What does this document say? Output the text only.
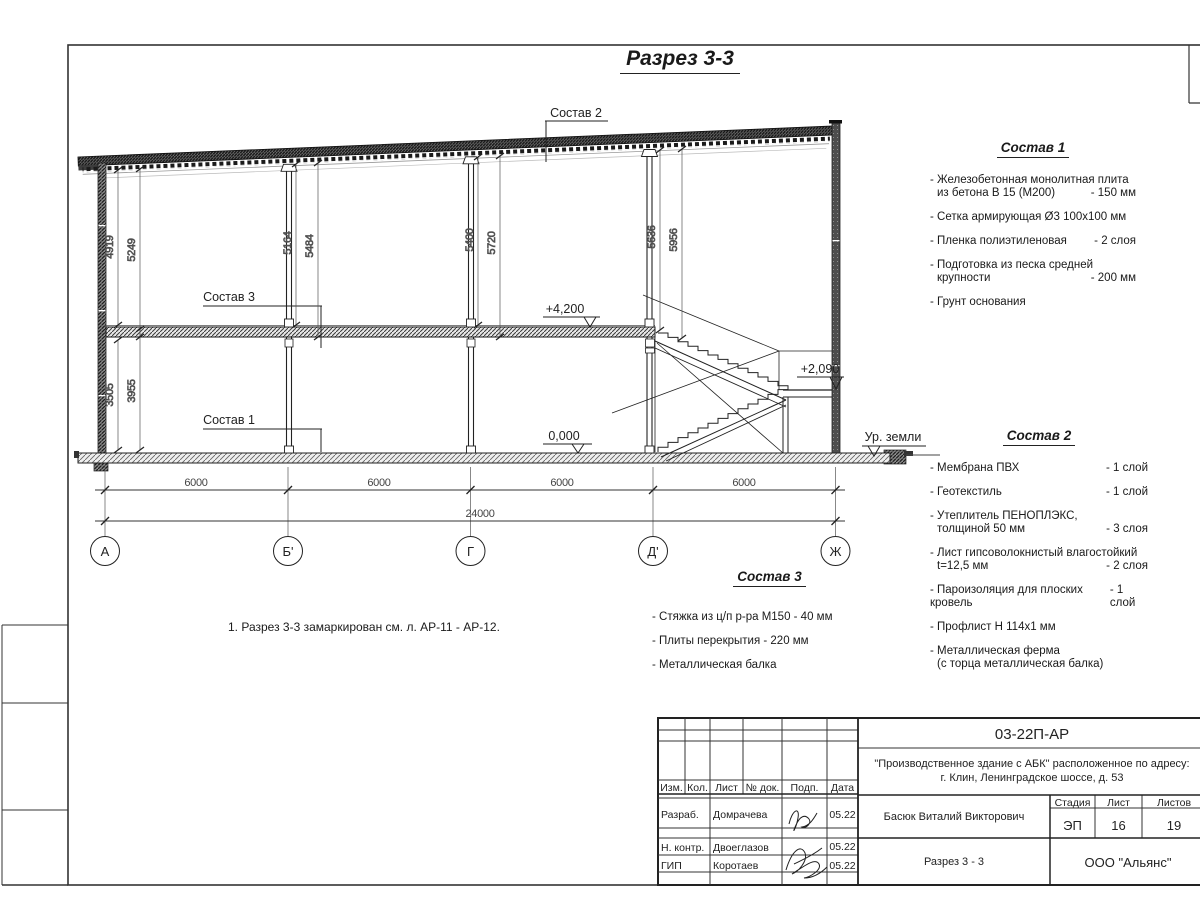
+4,200
0,000
+2,090
Ур. земли
Состав 2
Состав 3
Состав 1
4919 5249	5164 5484	5400 5720	5636 5956
3505 3955
6000	6000	6000	6000
24000
А	Б'	Г	Д'	Ж
03-22П-АР
"Производственное здание с АБК" расположенное по адресу:
г. Клин, Ленинградское шоссе, д. 53
Изм. Кол. Лист № док. Подп. Дата
Разраб. Домрачева	05.22
Н. контр. Двоеглазов	05.22
ГИП	Коротаев	05.22
Басюк Виталий Викторович
Разрез 3 - 3
Стадия Лист	Листов
ЭП 16	19
ООО "Альянс"
Разрез 3-3
Состав 1
- Железобетонная монолитная плита
из бетона В 15 (М200)	- 150 мм
- Сетка армирующая Ø3 100х100 мм
- Пленка полиэтиленовая - 2 слоя
- Подготовка из песка средней
крупности	- 200 мм
- Грунт основания
Состав 2
- Мембрана ПВХ	- 1 слой
- Геотекстиль	- 1 слой
- Утеплитель ПЕНОПЛЭКС,
толщиной 50 мм	- 3 слоя
- Лист гипсоволокнистый влагостойкий
t=12,5 мм	- 2 слоя
- Пароизоляция для плоских кровель
- 1 слой
- Профлист Н 114х1 мм
- Металлическая ферма
(с торца металлическая балка)
Состав 3
- Стяжка из ц/п р-ра М150 - 40 мм
- Плиты перекрытия - 220 мм
- Металлическая балка
1. Разрез 3-3 замаркирован см. л. АР-11 - АР-12.
